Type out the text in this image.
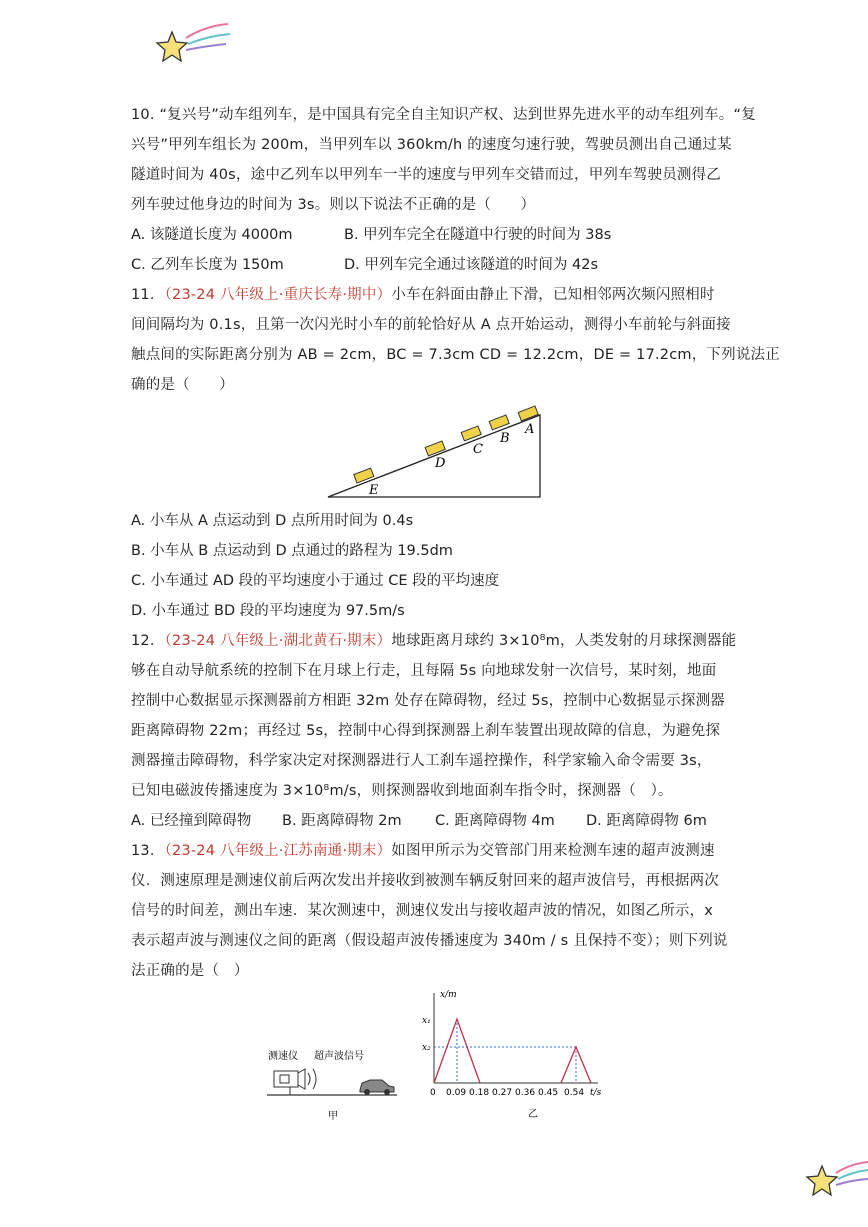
10. “复兴号”动车组列车，是中国具有完全自主知识产权、达到世界先进水平的动车组列车。“复
兴号”甲列车组长为 200m，当甲列车以 360km/h 的速度匀速行驶，驾驶员测出自己通过某
隧道时间为 40s，途中乙列车以甲列车一半的速度与甲列车交错而过，甲列车驾驶员测得乙
列车驶过他身边的时间为 3s。则以下说法不正确的是（　　）
A. 该隧道长度为 4000m	B. 甲列车完全在隧道中行驶的时间为 38s
C. 乙列车长度为 150m	D. 甲列车完全通过该隧道的时间为 42s
11．（23-24 八年级上·重庆长寿·期中）小车在斜面由静止下滑，已知相邻两次频闪照相时
间间隔均为 0.1s，且第一次闪光时小车的前轮恰好从 A 点开始运动，测得小车前轮与斜面接
触点间的实际距离分别为 AB = 2cm，BC = 7.3cm CD = 12.2cm，DE = 17.2cm，下列说法正
确的是（　　）
A
B
C
D
E
A. 小车从 A 点运动到 D 点所用时间为 0.4s
B. 小车从 B 点运动到 D 点通过的路程为 19.5dm
C. 小车通过 AD 段的平均速度小于通过 CE 段的平均速度
D. 小车通过 BD 段的平均速度为 97.5m/s
12．（23-24 八年级上·湖北黄石·期末）地球距离月球约 3×10⁸m，人类发射的月球探测器能
够在自动导航系统的控制下在月球上行走，且每隔 5s 向地球发射一次信号，某时刻，地面
控制中心数据显示探测器前方相距 32m 处存在障碍物，经过 5s，控制中心数据显示探测器
距离障碍物 22m；再经过 5s，控制中心得到探测器上刹车装置出现故障的信息，为避免探
测器撞击障碍物，科学家决定对探测器进行人工刹车遥控操作，科学家输入命令需要 3s，
已知电磁波传播速度为 3×10⁸m/s，则探测器收到地面刹车指令时，探测器（　）。
A. 已经撞到障碍物 B. 距离障碍物 2m C. 距离障碍物 4m D. 距离障碍物 6m
13．（23-24 八年级上·江苏南通·期末）如图甲所示为交管部门用来检测车速的超声波测速
仪．测速原理是测速仪前后两次发出并接收到被测车辆反射回来的超声波信号，再根据两次
信号的时间差，测出车速．某次测速中，测速仪发出与接收超声波的情况，如图乙所示，x
表示超声波与测速仪之间的距离（假设超声波传播速度为 340m / s 且保持不变）；则下列说
法正确的是（　）
测速仪 超声波信号
甲
x/m
t/s
x₁
x₂
0 0.09 0.18 0.27 0.36 0.45 0.54
乙
